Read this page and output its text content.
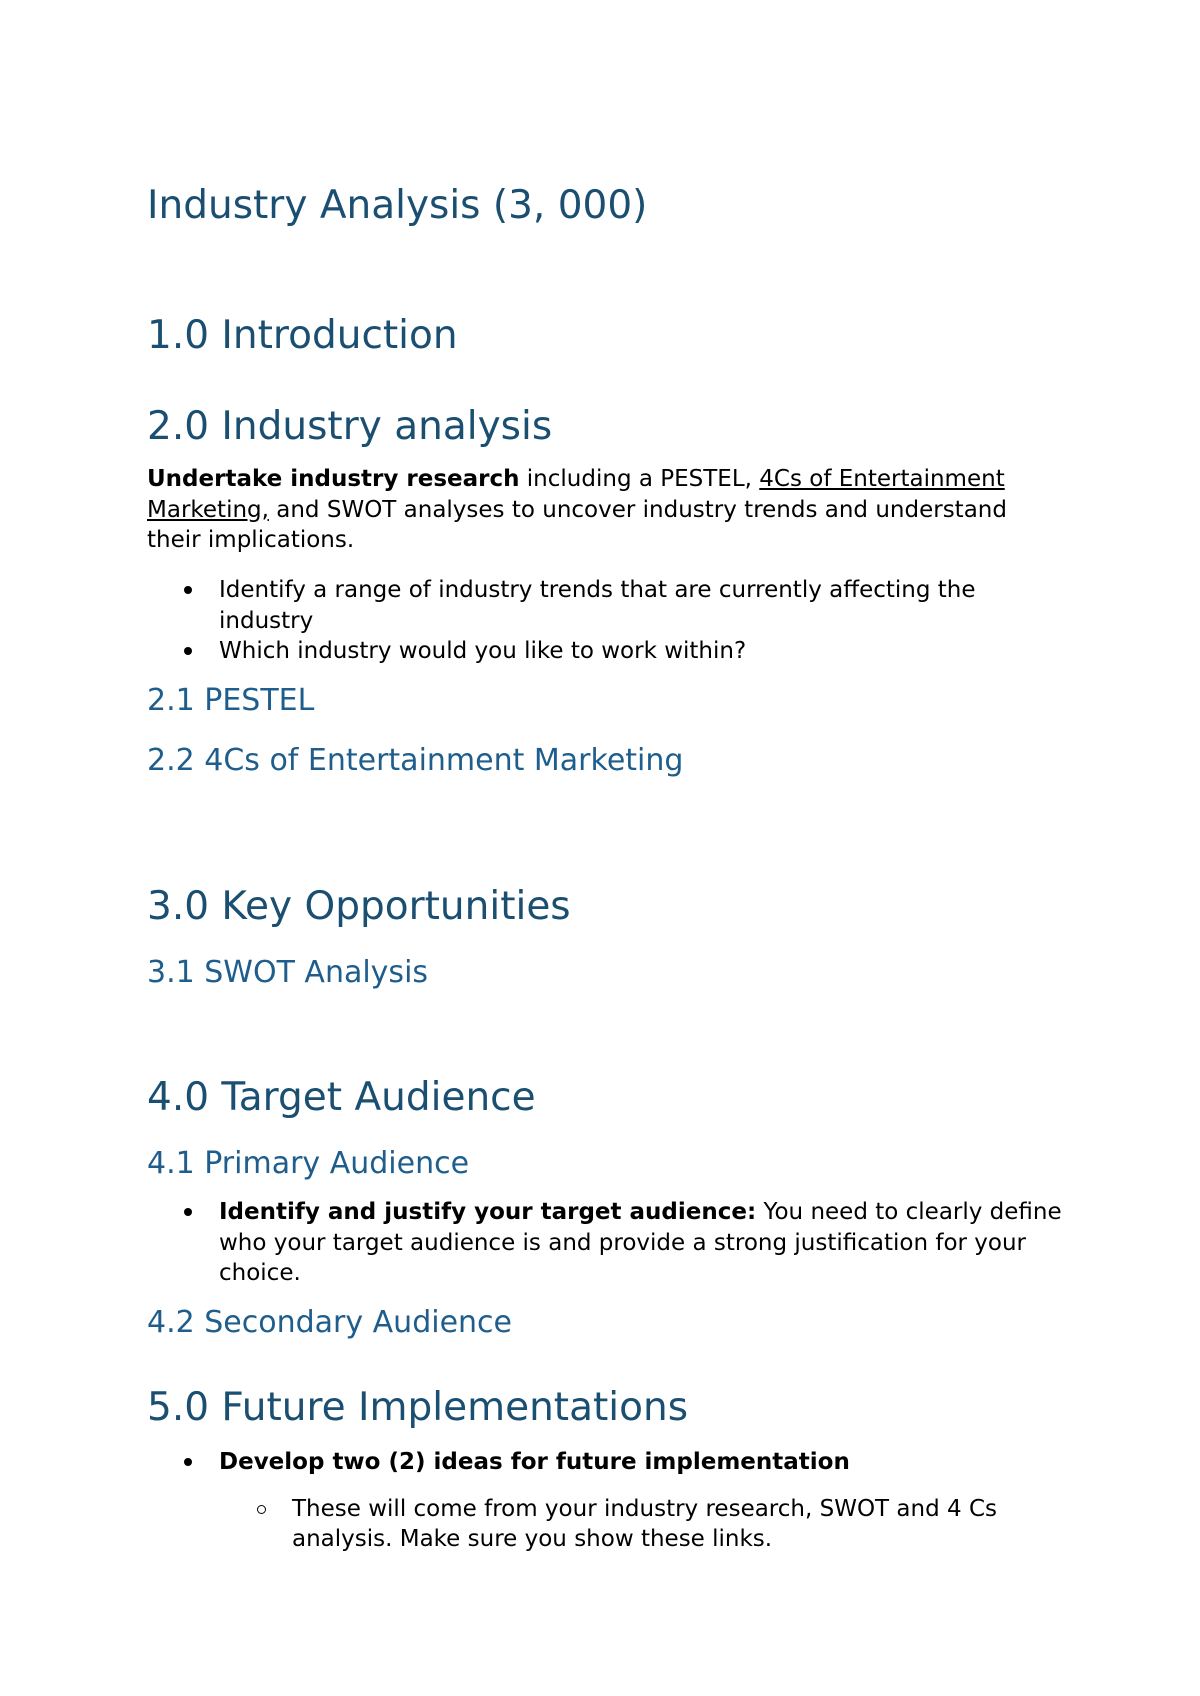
Industry Analysis (3, 000)
1.0 Introduction
2.0 Industry analysis

Undertake industry research including a PESTEL, 4Cs of Entertainment Marketing, and SWOT analyses to uncover industry trends and understand their implications.

Identify a range of industry trends that are currently affecting the industry
Which industry would you like to work within?
2.1 PESTEL
2.2 4Cs of Entertainment Marketing
3.0 Key Opportunities
3.1 SWOT Analysis
4.0 Target Audience
4.1 Primary Audience
Identify and justify your target audience: You need to clearly define who your target audience is and provide a strong justification for your choice.
4.2 Secondary Audience
5.0 Future Implementations
Develop two (2) ideas for future implementation
These will come from your industry research, SWOT and 4 Cs analysis. Make sure you show these links.
